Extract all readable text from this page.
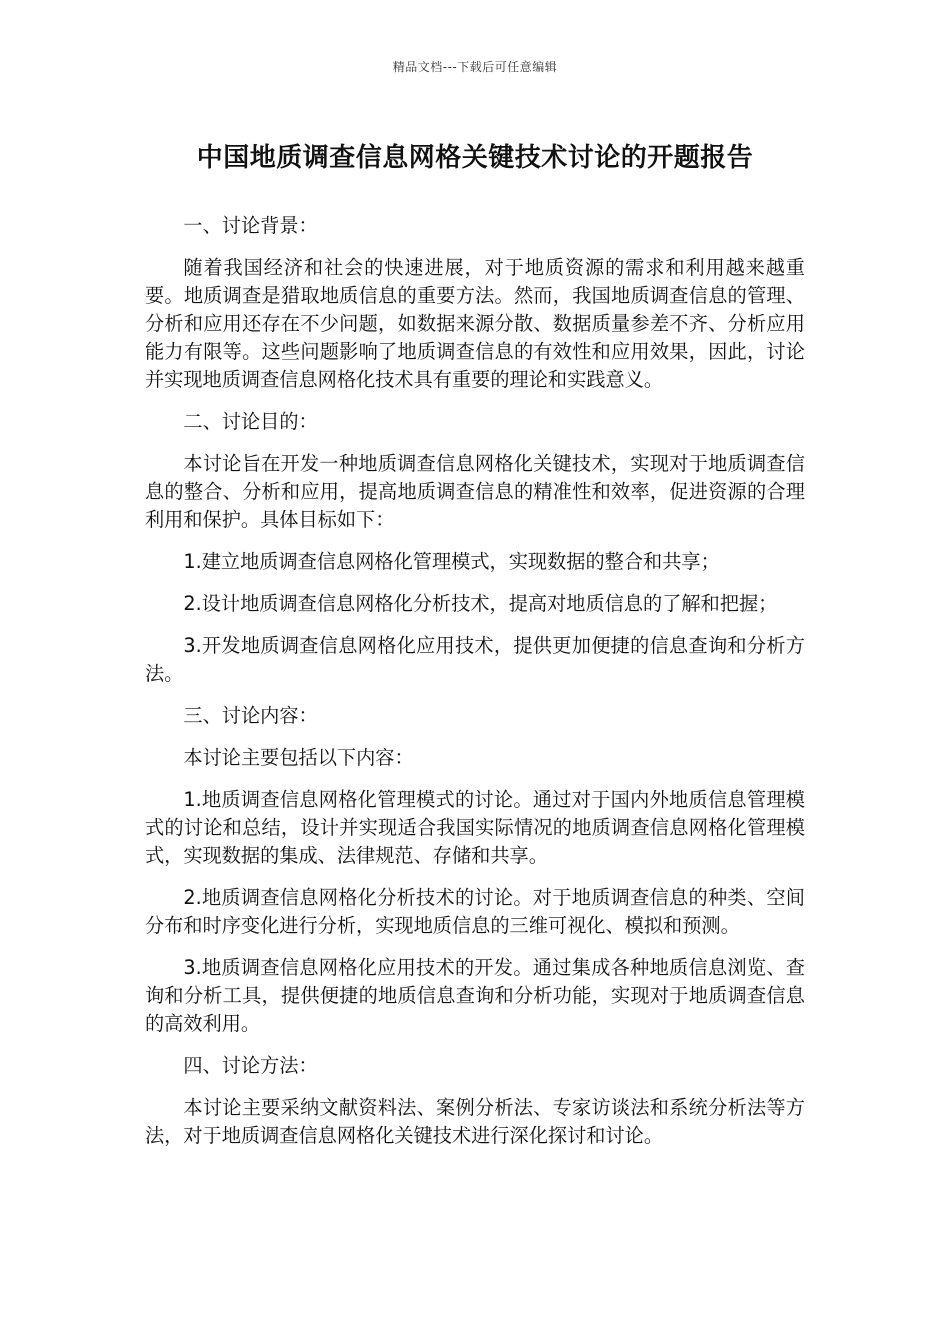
精品文档---下载后可任意编辑
中国地质调查信息网格关键技术讨论的开题报告

一、讨论背景：

随着我国经济和社会的快速进展，对于地质资源的需求和利用越来越重要。地质调查是猎取地质信息的重要方法。然而，我国地质调查信息的管理、分析和应用还存在不少问题，如数据来源分散、数据质量参差不齐、分析应用能力有限等。这些问题影响了地质调查信息的有效性和应用效果，因此，讨论并实现地质调查信息网格化技术具有重要的理论和实践意义。

二、讨论目的：

本讨论旨在开发一种地质调查信息网格化关键技术，实现对于地质调查信息的整合、分析和应用，提高地质调查信息的精准性和效率，促进资源的合理利用和保护。具体目标如下：

1.建立地质调查信息网格化管理模式，实现数据的整合和共享；

2.设计地质调查信息网格化分析技术，提高对地质信息的了解和把握；

3.开发地质调查信息网格化应用技术，提供更加便捷的信息查询和分析方法。

三、讨论内容：

本讨论主要包括以下内容：

1.地质调查信息网格化管理模式的讨论。通过对于国内外地质信息管理模式的讨论和总结，设计并实现适合我国实际情况的地质调查信息网格化管理模式，实现数据的集成、法律规范、存储和共享。

2.地质调查信息网格化分析技术的讨论。对于地质调查信息的种类、空间分布和时序变化进行分析，实现地质信息的三维可视化、模拟和预测。

3.地质调查信息网格化应用技术的开发。通过集成各种地质信息浏览、查询和分析工具，提供便捷的地质信息查询和分析功能，实现对于地质调查信息的高效利用。

四、讨论方法：

本讨论主要采纳文献资料法、案例分析法、专家访谈法和系统分析法等方法，对于地质调查信息网格化关键技术进行深化探讨和讨论。
